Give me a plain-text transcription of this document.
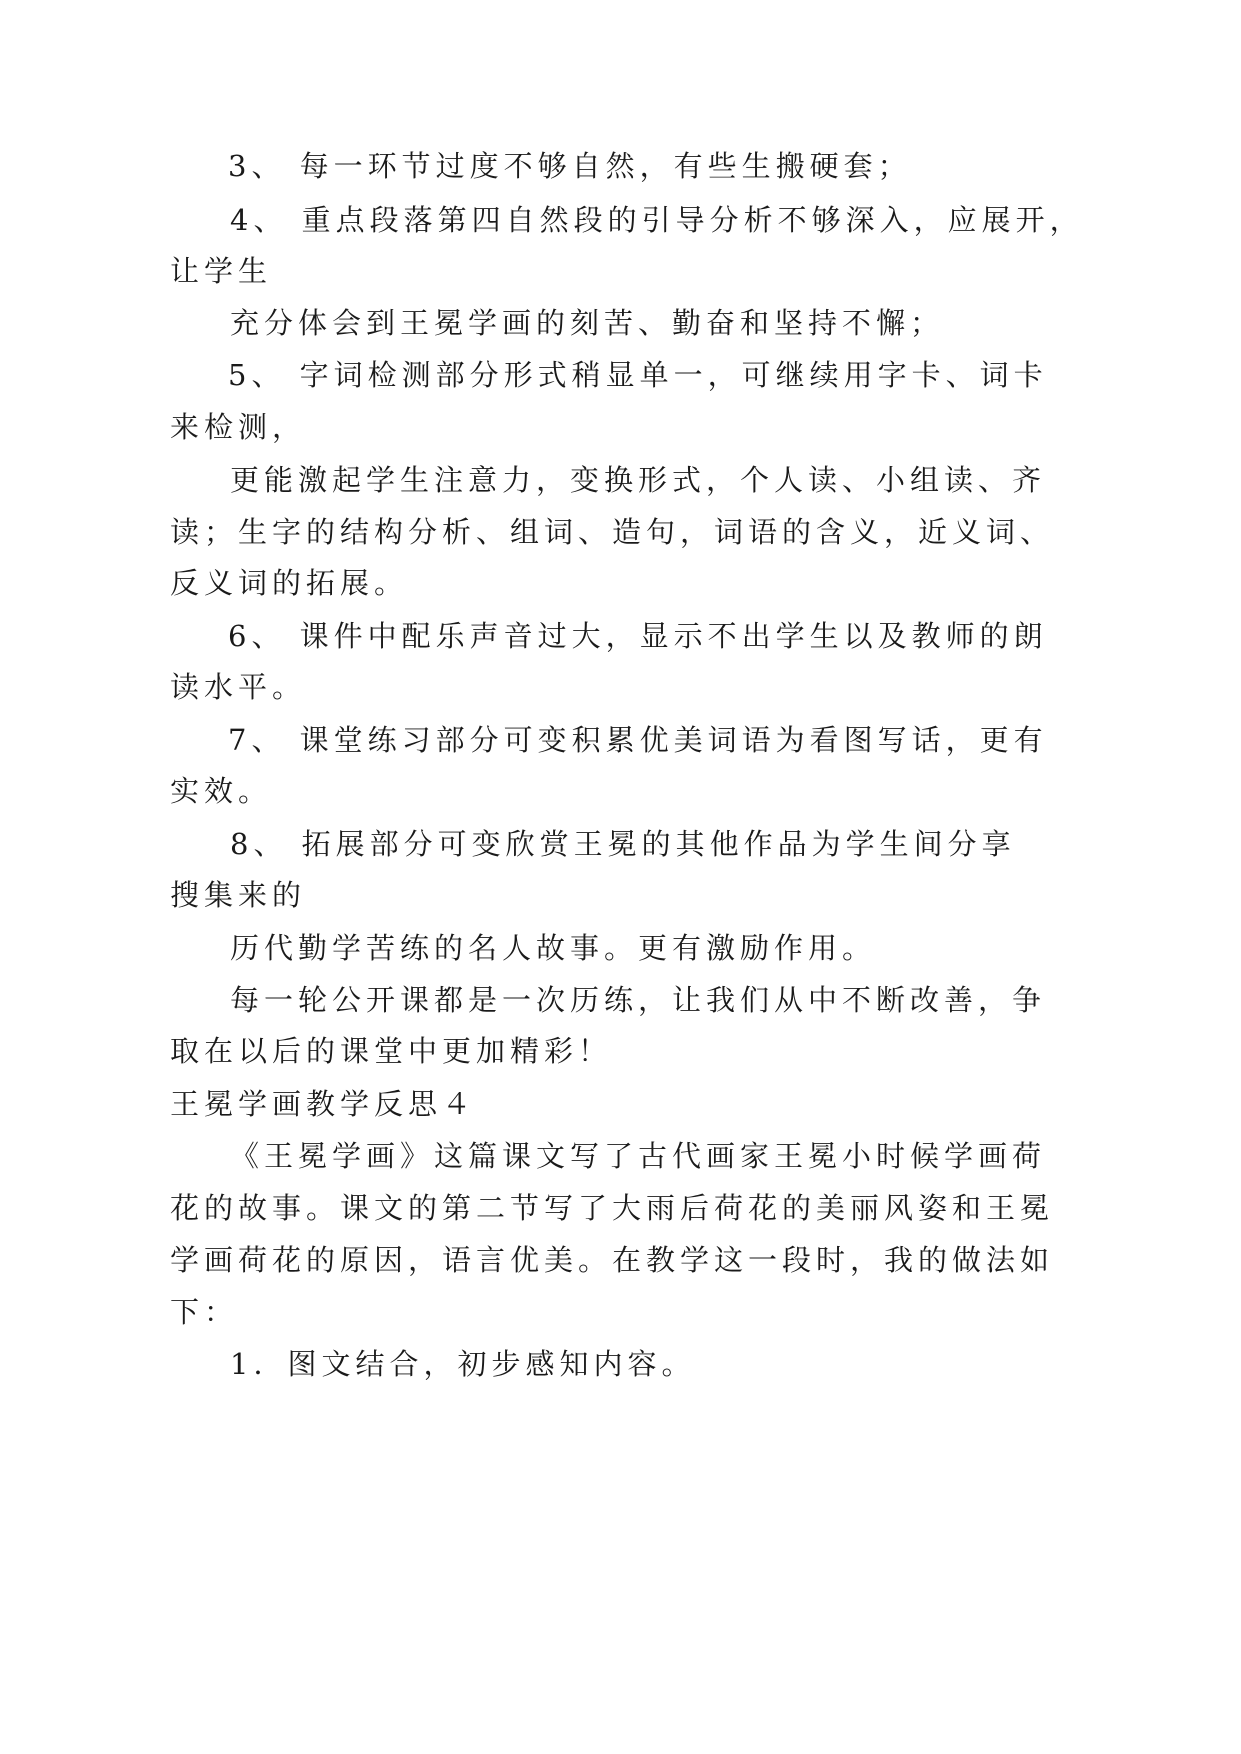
3、 每一环节过度不够自然，有些生搬硬套；
4、 重点段落第四自然段的引导分析不够深入，应展开，
让学生
充分体会到王冕学画的刻苦、勤奋和坚持不懈；
5、 字词检测部分形式稍显单一，可继续用字卡、词卡
来检测，
更能激起学生注意力，变换形式，个人读、小组读、齐
读；生字的结构分析、组词、造句，词语的含义，近义词、
反义词的拓展。
6、 课件中配乐声音过大，显示不出学生以及教师的朗
读水平。
7、 课堂练习部分可变积累优美词语为看图写话，更有
实效。
8、 拓展部分可变欣赏王冕的其他作品为学生间分享
搜集来的
历代勤学苦练的名人故事。更有激励作用。
每一轮公开课都是一次历练，让我们从中不断改善，争
取在以后的课堂中更加精彩！
王冕学画教学反思４
《王冕学画》这篇课文写了古代画家王冕小时候学画荷
花的故事。课文的第二节写了大雨后荷花的美丽风姿和王冕
学画荷花的原因，语言优美。在教学这一段时，我的做法如
下：
1．图文结合，初步感知内容。
